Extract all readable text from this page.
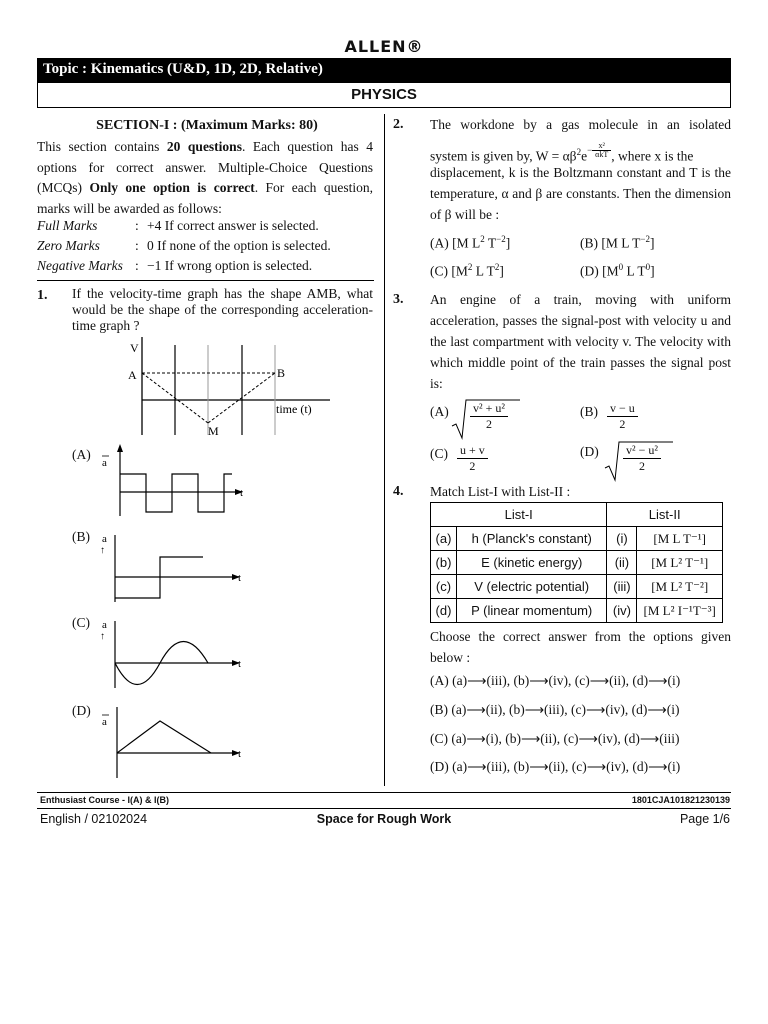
ALLEN®
Topic : Kinematics (U&D, 1D, 2D, Relative)
PHYSICS
SECTION-I : (Maximum Marks: 80)
This section contains 20 questions. Each question has 4 options for correct answer. Multiple-Choice Questions (MCQs) Only one option is correct. For each question, marks will be awarded as follows:
Full Marks	: +4 If correct answer is selected.
Zero Marks	: 0 If none of the option is selected.
Negative Marks : −1 If wrong option is selected.
1. If the velocity-time graph has the shape AMB, what would be the shape of the corresponding acceleration-time graph ?
V
A	B
M
time (t)
(A)
a
t
(B) a
↑
t
(C) a
↑
t
(D)
a
t
2. The workdone by a gas molecule in an isolated
system is given by, $W = \alpha\beta^2e- \frac{\text{x²}}{\text{αkT}}$ , where x is the
displacement, k is the Boltzmann constant and T is the temperature, α and β are constants. Then the dimension of β will be :
(A) [M $L^2$ $T^{-2}$]	(B) [M L $T^{-2}$]
(C) [$M^2$ L $T^2$]	(D) [$M^0$ L $T^0$]
3. An engine of a train, moving with uniform acceleration, passes the signal-post with velocity u and the last compartment with velocity v. The velocity with which middle point of the train passes the signal post is:
$(A) \frac{\text{v² + u²}}{2}$	$(B) \frac{v - u}{2}$
$(C) \frac{u + v}{2}$	$(D) \frac{\text{v² − u²}}{2}$
4. Match List-I with List-II :
List-I		List-II	
(a)	h (Planck's constant)	(i)	[M L T⁻¹]
(b)	E (kinetic energy)	(ii)	[M L² T⁻¹]
(c)	V (electric potential)	(iii)	[M L² T⁻²]
(d)	P (linear momentum)	(iv)	[M L² I⁻¹T⁻³]
Choose the correct answer from the options given below :
(A) (a)⟶(iii), (b)⟶(iv), (c)⟶(ii), (d)⟶(i)
(B) (a)⟶(ii), (b)⟶(iii), (c)⟶(iv), (d)⟶(i)
(C) (a)⟶(i), (b)⟶(ii), (c)⟶(iv), (d)⟶(iii)
(D) (a)⟶(iii), (b)⟶(ii), (c)⟶(iv), (d)⟶(i)
Enthusiast Course - I(A) & I(B)	1801CJA101821230139
English / 02102024	Space for Rough Work	Page 1/6
